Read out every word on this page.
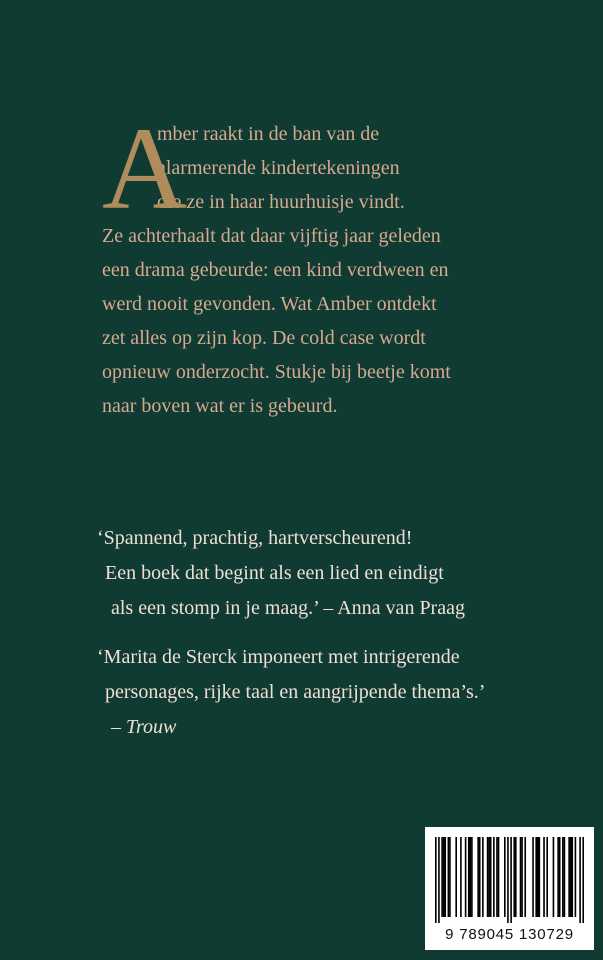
A
mber raakt in de ban van de
alarmerende kindertekeningen
die ze in haar huurhuisje vindt.
Ze achterhaalt dat daar vijftig jaar geleden
een drama gebeurde: een kind verdween en
werd nooit gevonden. Wat Amber ontdekt
zet alles op zijn kop. De cold case wordt
opnieuw onderzocht. Stukje bij beetje komt
naar boven wat er is gebeurd.
‘Spannend, prachtig, hartverscheurend!
Een boek dat begint als een lied en eindigt
als een stomp in je maag.’ – Anna van Praag
‘Marita de Sterck imponeert met intrigerende
personages, rijke taal en aangrijpende thema’s.’
– Trouw
9 789045 130729
